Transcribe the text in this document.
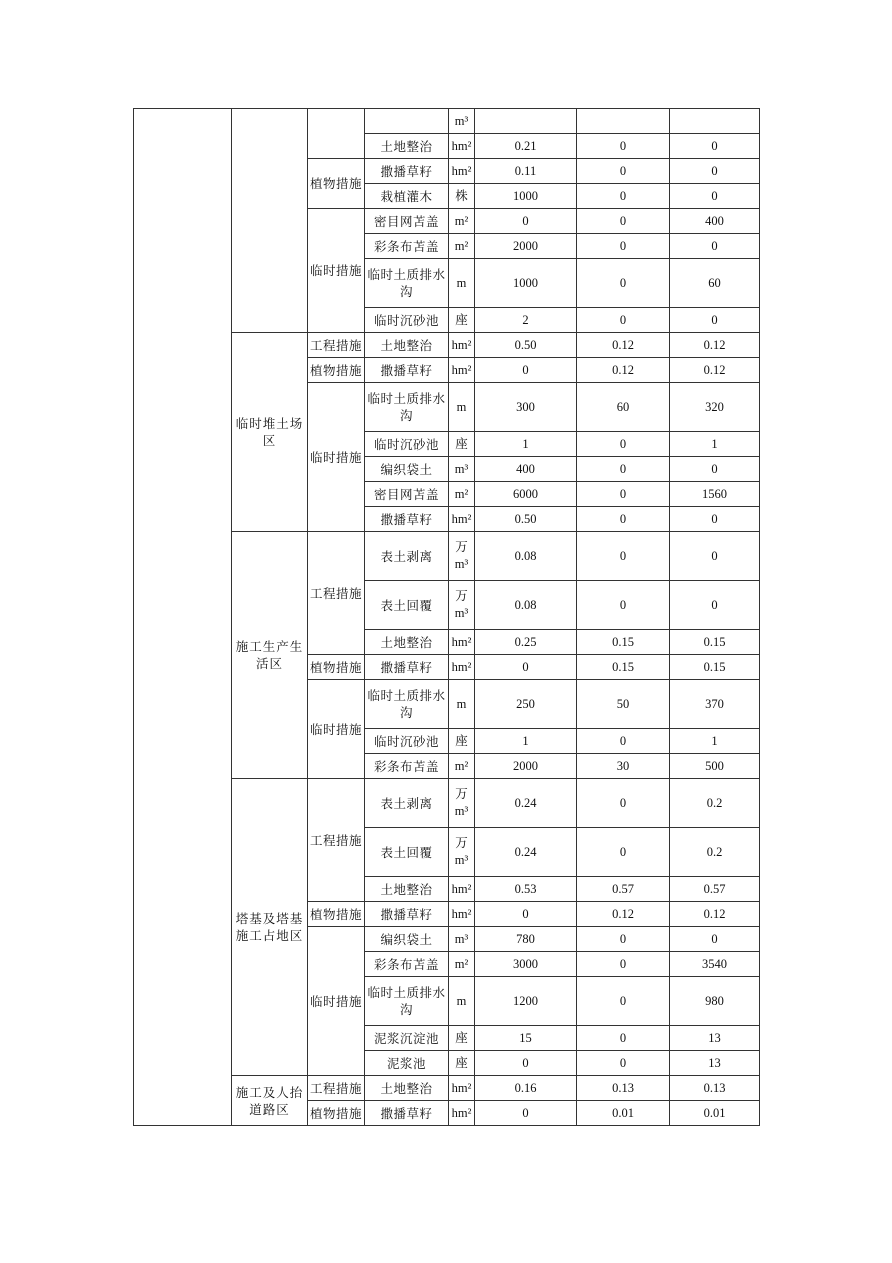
				m³			
			土地整治	hm²	0.21	0	0
		植物措施	撒播草籽	hm²	0.11	0	0
			栽植灌木	株	1000	0	0
		临时措施	密目网苫盖	m²	0	0	400
			彩条布苫盖	m²	2000	0	0
			临时土质排水沟	m	1000	0	60
			临时沉砂池	座	2	0	0
	临时堆土场区	工程措施	土地整治	hm²	0.50	0.12	0.12
		植物措施	撒播草籽	hm²	0	0.12	0.12
		临时措施	临时土质排水沟	m	300	60	320
			临时沉砂池	座	1	0	1
			编织袋土	m³	400	0	0
			密目网苫盖	m²	6000	0	1560
			撒播草籽	hm²	0.50	0	0
	施工生产生活区	工程措施	表土剥离	万m³	0.08	0	0
			表土回覆	万m³	0.08	0	0
			土地整治	hm²	0.25	0.15	0.15
		植物措施	撒播草籽	hm²	0	0.15	0.15
		临时措施	临时土质排水沟	m	250	50	370
			临时沉砂池	座	1	0	1
			彩条布苫盖	m²	2000	30	500
	塔基及塔基施工占地区	工程措施	表土剥离	万m³	0.24	0	0.2
			表土回覆	万m³	0.24	0	0.2
			土地整治	hm²	0.53	0.57	0.57
		植物措施	撒播草籽	hm²	0	0.12	0.12
		临时措施	编织袋土	m³	780	0	0
			彩条布苫盖	m²	3000	0	3540
			临时土质排水沟	m	1200	0	980
			泥浆沉淀池	座	15	0	13
			泥浆池	座	0	0	13
	施工及人抬道路区	工程措施	土地整治	hm²	0.16	0.13	0.13
		植物措施	撒播草籽	hm²	0	0.01	0.01
